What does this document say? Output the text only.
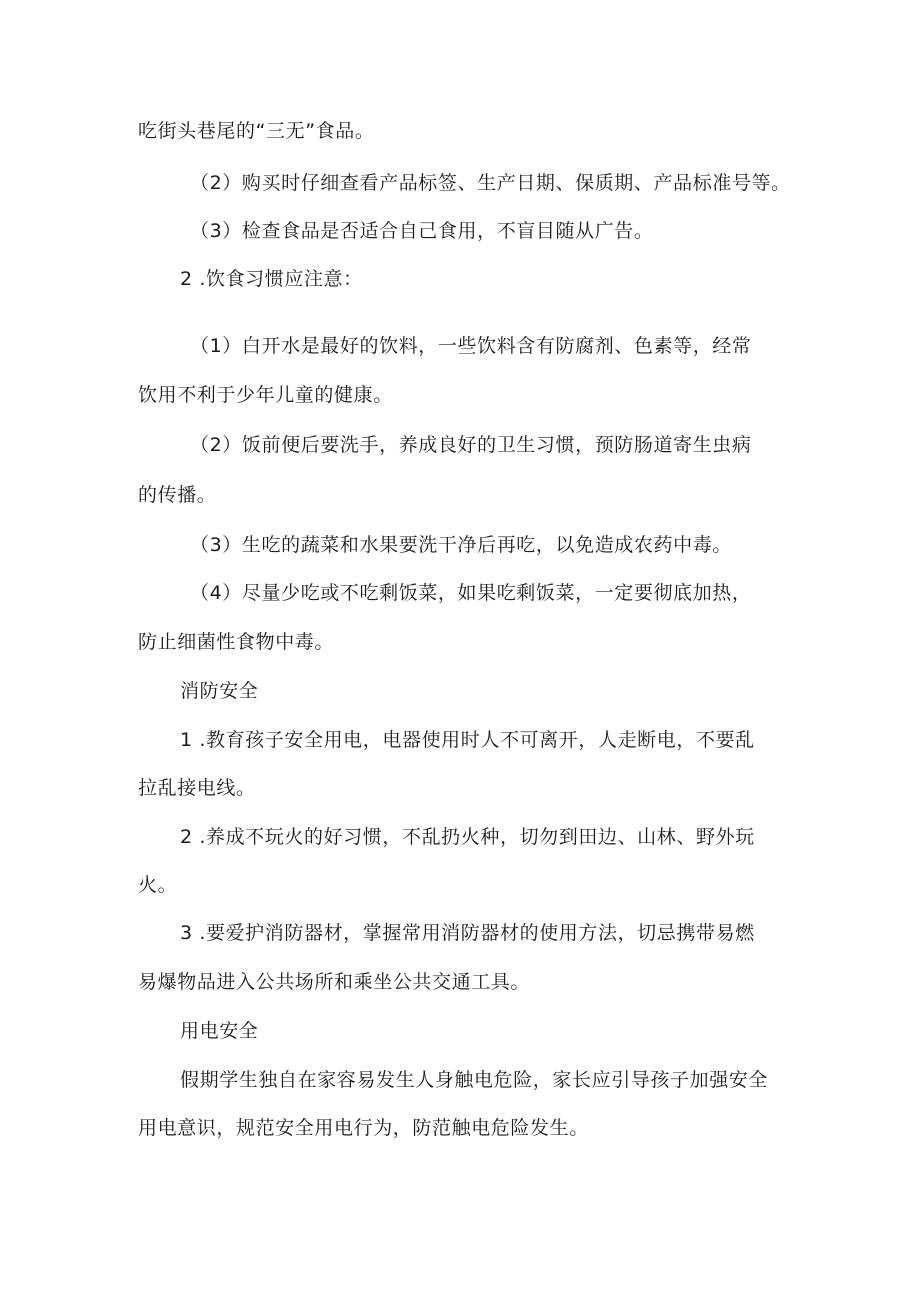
吃街头巷尾的“三无”食品。
（2）购买时仔细查看产品标签、生产日期、保质期、产品标准号等。
（3）检查食品是否适合自己食用，不盲目随从广告。
2 .饮食习惯应注意：
（1）白开水是最好的饮料，一些饮料含有防腐剂、色素等，经常
饮用不利于少年儿童的健康。
（2）饭前便后要洗手，养成良好的卫生习惯，预防肠道寄生虫病
的传播。
（3）生吃的蔬菜和水果要洗干净后再吃，以免造成农药中毒。
（4）尽量少吃或不吃剩饭菜，如果吃剩饭菜，一定要彻底加热，
防止细菌性食物中毒。
消防安全
1 .教育孩子安全用电，电器使用时人不可离开，人走断电，不要乱
拉乱接电线。
2 .养成不玩火的好习惯，不乱扔火种，切勿到田边、山林、野外玩
火。
3 .要爱护消防器材，掌握常用消防器材的使用方法，切忌携带易燃
易爆物品进入公共场所和乘坐公共交通工具。
用电安全
假期学生独自在家容易发生人身触电危险，家长应引导孩子加强安全
用电意识，规范安全用电行为，防范触电危险发生。
